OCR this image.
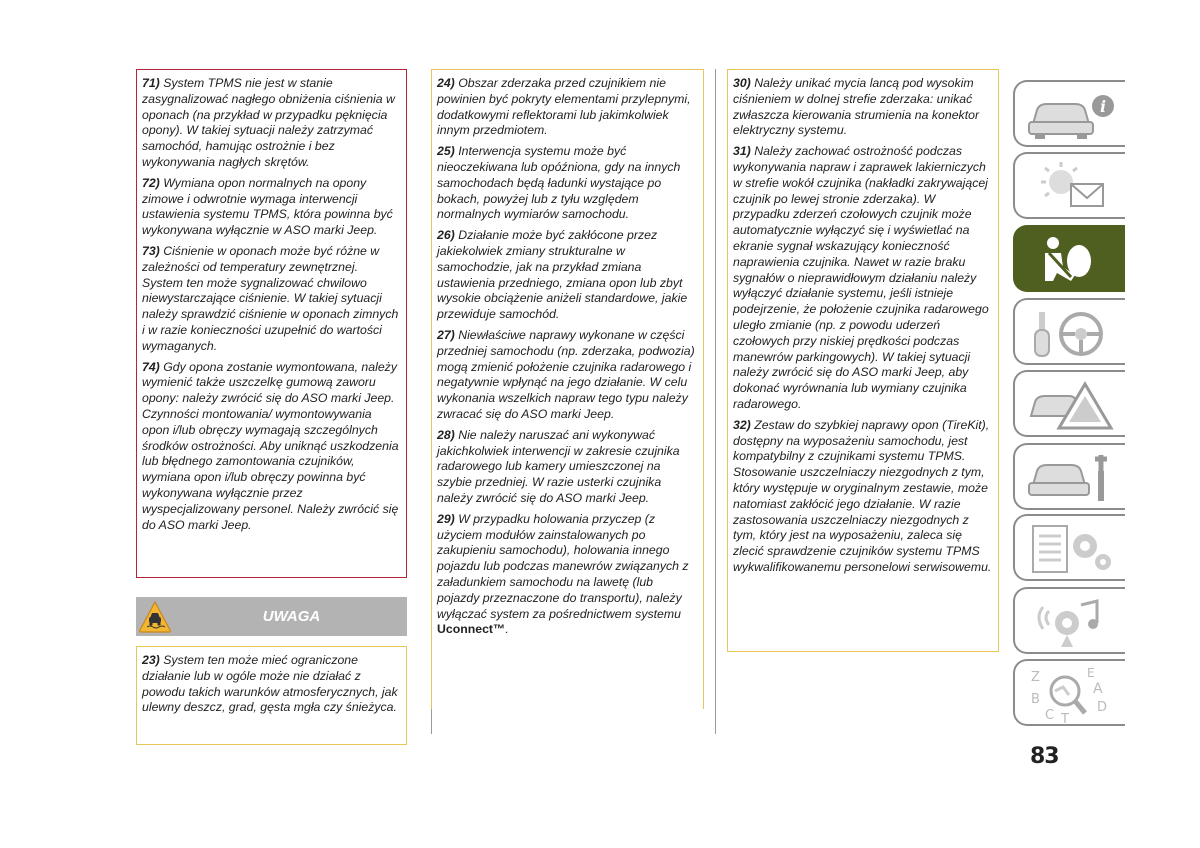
71) System TPMS nie jest w stanie zasygnalizować nagłego obniżenia ciśnienia w oponach (na przykład w przypadku pęknięcia opony). W takiej sytuacji należy zatrzymać samochód, hamując ostrożnie i bez wykonywania nagłych skrętów.

72) Wymiana opon normalnych na opony zimowe i odwrotnie wymaga interwencji ustawienia systemu TPMS, która powinna być wykonywana wyłącznie w ASO marki Jeep.

73) Ciśnienie w oponach może być różne w zależności od temperatury zewnętrznej. System ten może sygnalizować chwilowo niewystarczające ciśnienie. W takiej sytuacji należy sprawdzić ciśnienie w oponach zimnych i w razie konieczności uzupełnić do wartości wymaganych.

74) Gdy opona zostanie wymontowana, należy wymienić także uszczelkę gumową zaworu opony: należy zwrócić się do ASO marki Jeep. Czynności montowania/ wymontowywania opon i/lub obręczy wymagają szczególnych środków ostrożności. Aby uniknąć uszkodzenia lub błędnego zamontowania czujników, wymiana opon i/lub obręczy powinna być wykonywana wyłącznie przez wyspecjalizowany personel. Należy zwrócić się do ASO marki Jeep.

UWAGA

23) System ten może mieć ograniczone działanie lub w ogóle może nie działać z powodu takich warunków atmosferycznych, jak ulewny deszcz, grad, gęsta mgła czy śnieżyca.

24) Obszar zderzaka przed czujnikiem nie powinien być pokryty elementami przylepnymi, dodatkowymi reflektorami lub jakimkolwiek innym przedmiotem.

25) Interwencja systemu może być nieoczekiwana lub opóźniona, gdy na innych samochodach będą ładunki wystające po bokach, powyżej lub z tyłu względem normalnych wymiarów samochodu.

26) Działanie może być zakłócone przez jakiekolwiek zmiany strukturalne w samochodzie, jak na przykład zmiana ustawienia przedniego, zmiana opon lub zbyt wysokie obciążenie aniżeli standardowe, jakie przewiduje samochód.

27) Niewłaściwe naprawy wykonane w części przedniej samochodu (np. zderzaka, podwozia) mogą zmienić położenie czujnika radarowego i negatywnie wpłynąć na jego działanie. W celu wykonania wszelkich napraw tego typu należy zwracać się do ASO marki Jeep.

28) Nie należy naruszać ani wykonywać jakichkolwiek interwencji w zakresie czujnika radarowego lub kamery umieszczonej na szybie przedniej. W razie usterki czujnika należy zwrócić się do ASO marki Jeep.

29) W przypadku holowania przyczep (z użyciem modułów zainstalowanych po zakupieniu samochodu), holowania innego pojazdu lub podczas manewrów związanych z załadunkiem samochodu na lawetę (lub pojazdy przeznaczone do transportu), należy wyłączać system za pośrednictwem systemu Uconnect™.

30) Należy unikać mycia lancą pod wysokim ciśnieniem w dolnej strefie zderzaka: unikać zwłaszcza kierowania strumienia na konektor elektryczny systemu.

31) Należy zachować ostrożność podczas wykonywania napraw i zaprawek lakierniczych w strefie wokół czujnika (nakładki zakrywającej czujnik po lewej stronie zderzaka). W przypadku zderzeń czołowych czujnik może automatycznie wyłączyć się i wyświetlać na ekranie sygnał wskazujący konieczność naprawienia czujnika. Nawet w razie braku sygnałów o nieprawidłowym działaniu należy wyłączyć działanie systemu, jeśli istnieje podejrzenie, że położenie czujnika radarowego uległo zmianie (np. z powodu uderzeń czołowych przy niskiej prędkości podczas manewrów parkingowych). W takiej sytuacji należy zwrócić się do ASO marki Jeep, aby dokonać wyrównania lub wymiany czujnika radarowego.

32) Zestaw do szybkiej naprawy opon (TireKit), dostępny na wyposażeniu samochodu, jest kompatybilny z czujnikami systemu TPMS. Stosowanie uszczelniaczy niezgodnych z tym, który występuje w oryginalnym zestawie, może natomiast zakłócić jego działanie. W razie zastosowania uszczelniaczy niezgodnych z tym, który jest na wyposażeniu, zaleca się zlecić sprawdzenie czujników systemu TPMS wykwalifikowanemu personelowi serwisowemu.

i
Z	E
A
B
C T
D
83
